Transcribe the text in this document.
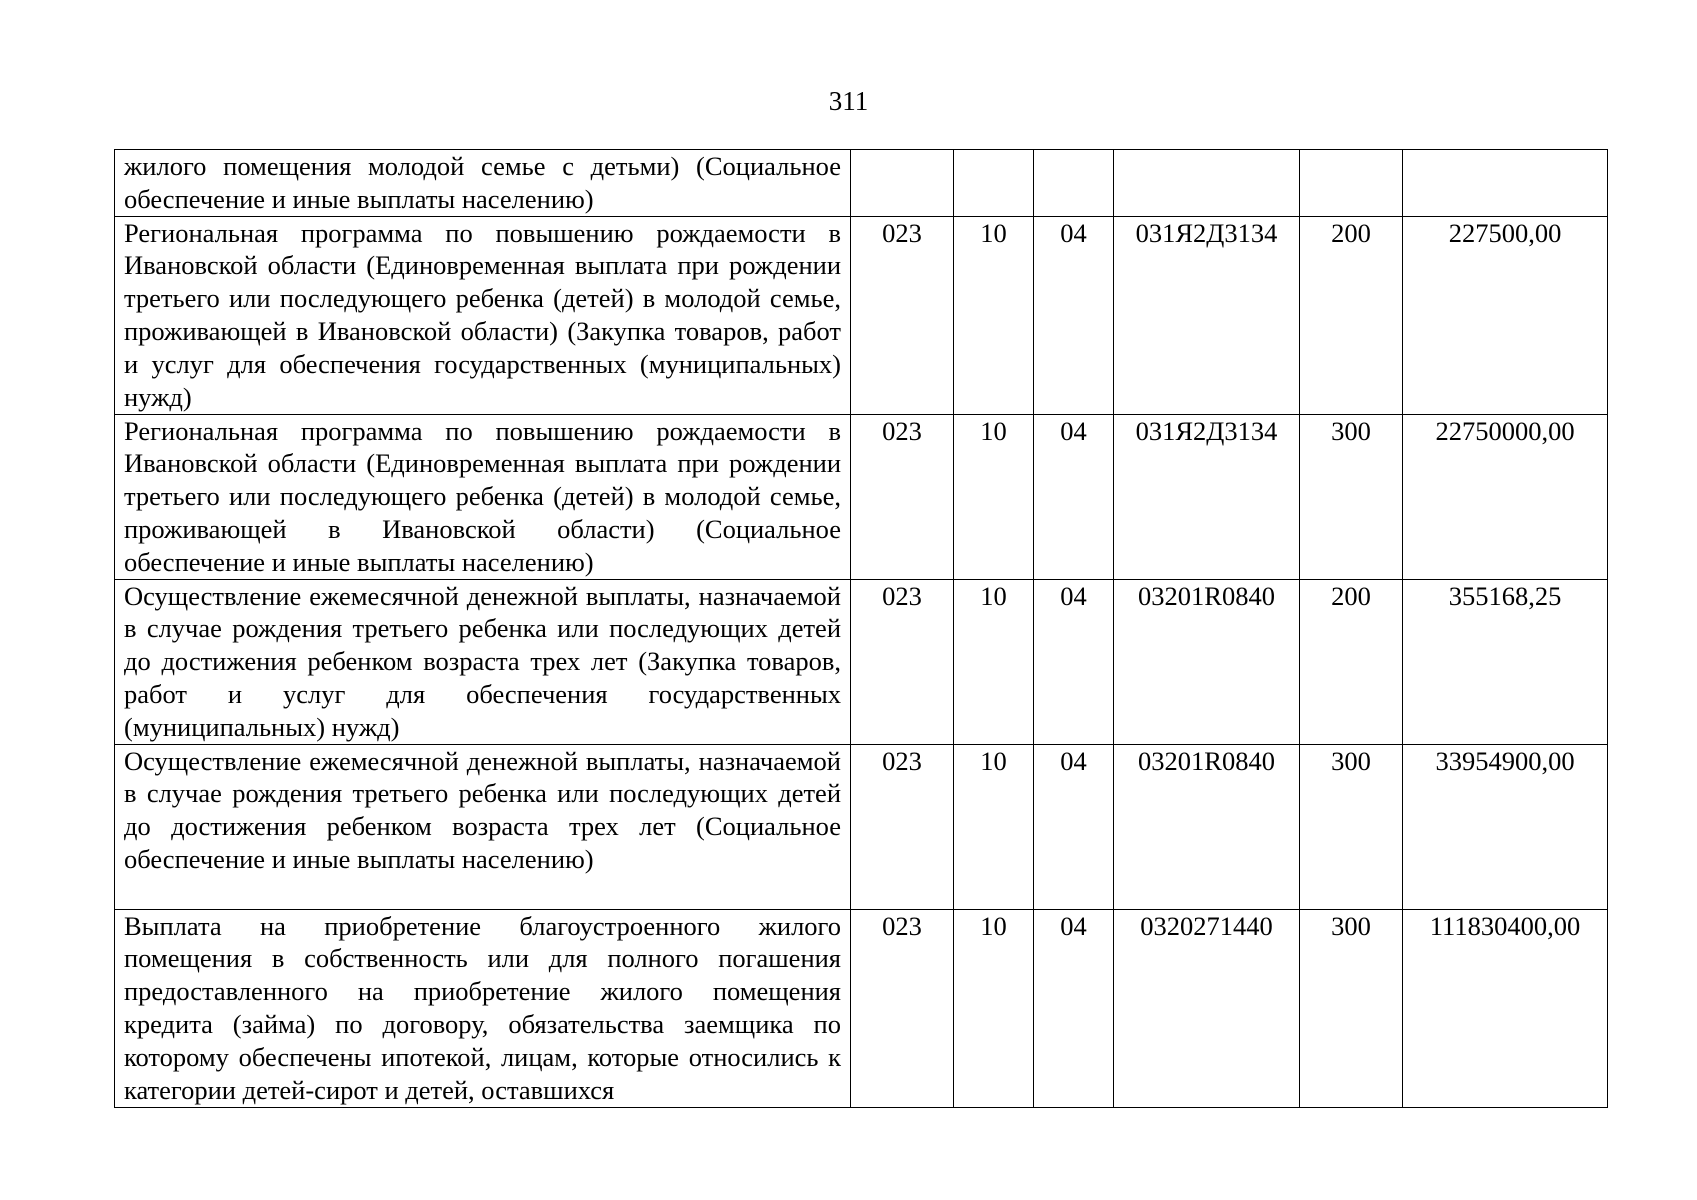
311
жилого помещения молодой семье с детьми) (Социальное обеспечение и иные выплаты населению)						
Региональная программа по повышению рождаемости в Ивановской области (Единовременная выплата при рождении третьего или последующего ребенка (детей) в молодой семье, проживающей в Ивановской области) (Закупка товаров, работ и услуг для обеспечения государственных (муниципальных) нужд)	023	10	04	031Я2Д3134	200	227500,00
Региональная программа по повышению рождаемости в Ивановской области (Единовременная выплата при рождении третьего или последующего ребенка (детей) в молодой семье, проживающей в Ивановской области) (Социальное обеспечение и иные выплаты населению)	023	10	04	031Я2Д3134	300	22750000,00
Осуществление ежемесячной денежной выплаты, назначаемой в случае рождения третьего ребенка или последующих детей до достижения ребенком возраста трех лет (Закупка товаров, работ и услуг для обеспечения государственных (муниципальных) нужд)	023	10	04	03201R0840	200	355168,25
Осуществление ежемесячной денежной выплаты, назначаемой в случае рождения третьего ребенка или последующих детей до достижения ребенком возраста трех лет (Социальное обеспечение и иные выплаты населению)	023	10	04	03201R0840	300	33954900,00
Выплата на приобретение благоустроенного жилого помещения в собственность или для полного погашения предоставленного на приобретение жилого помещения кредита (займа) по договору, обязательства заемщика по которому обеспечены ипотекой, лицам, которые относились к категории детей-сирот и детей, оставшихся	023	10	04	0320271440	300	111830400,00
